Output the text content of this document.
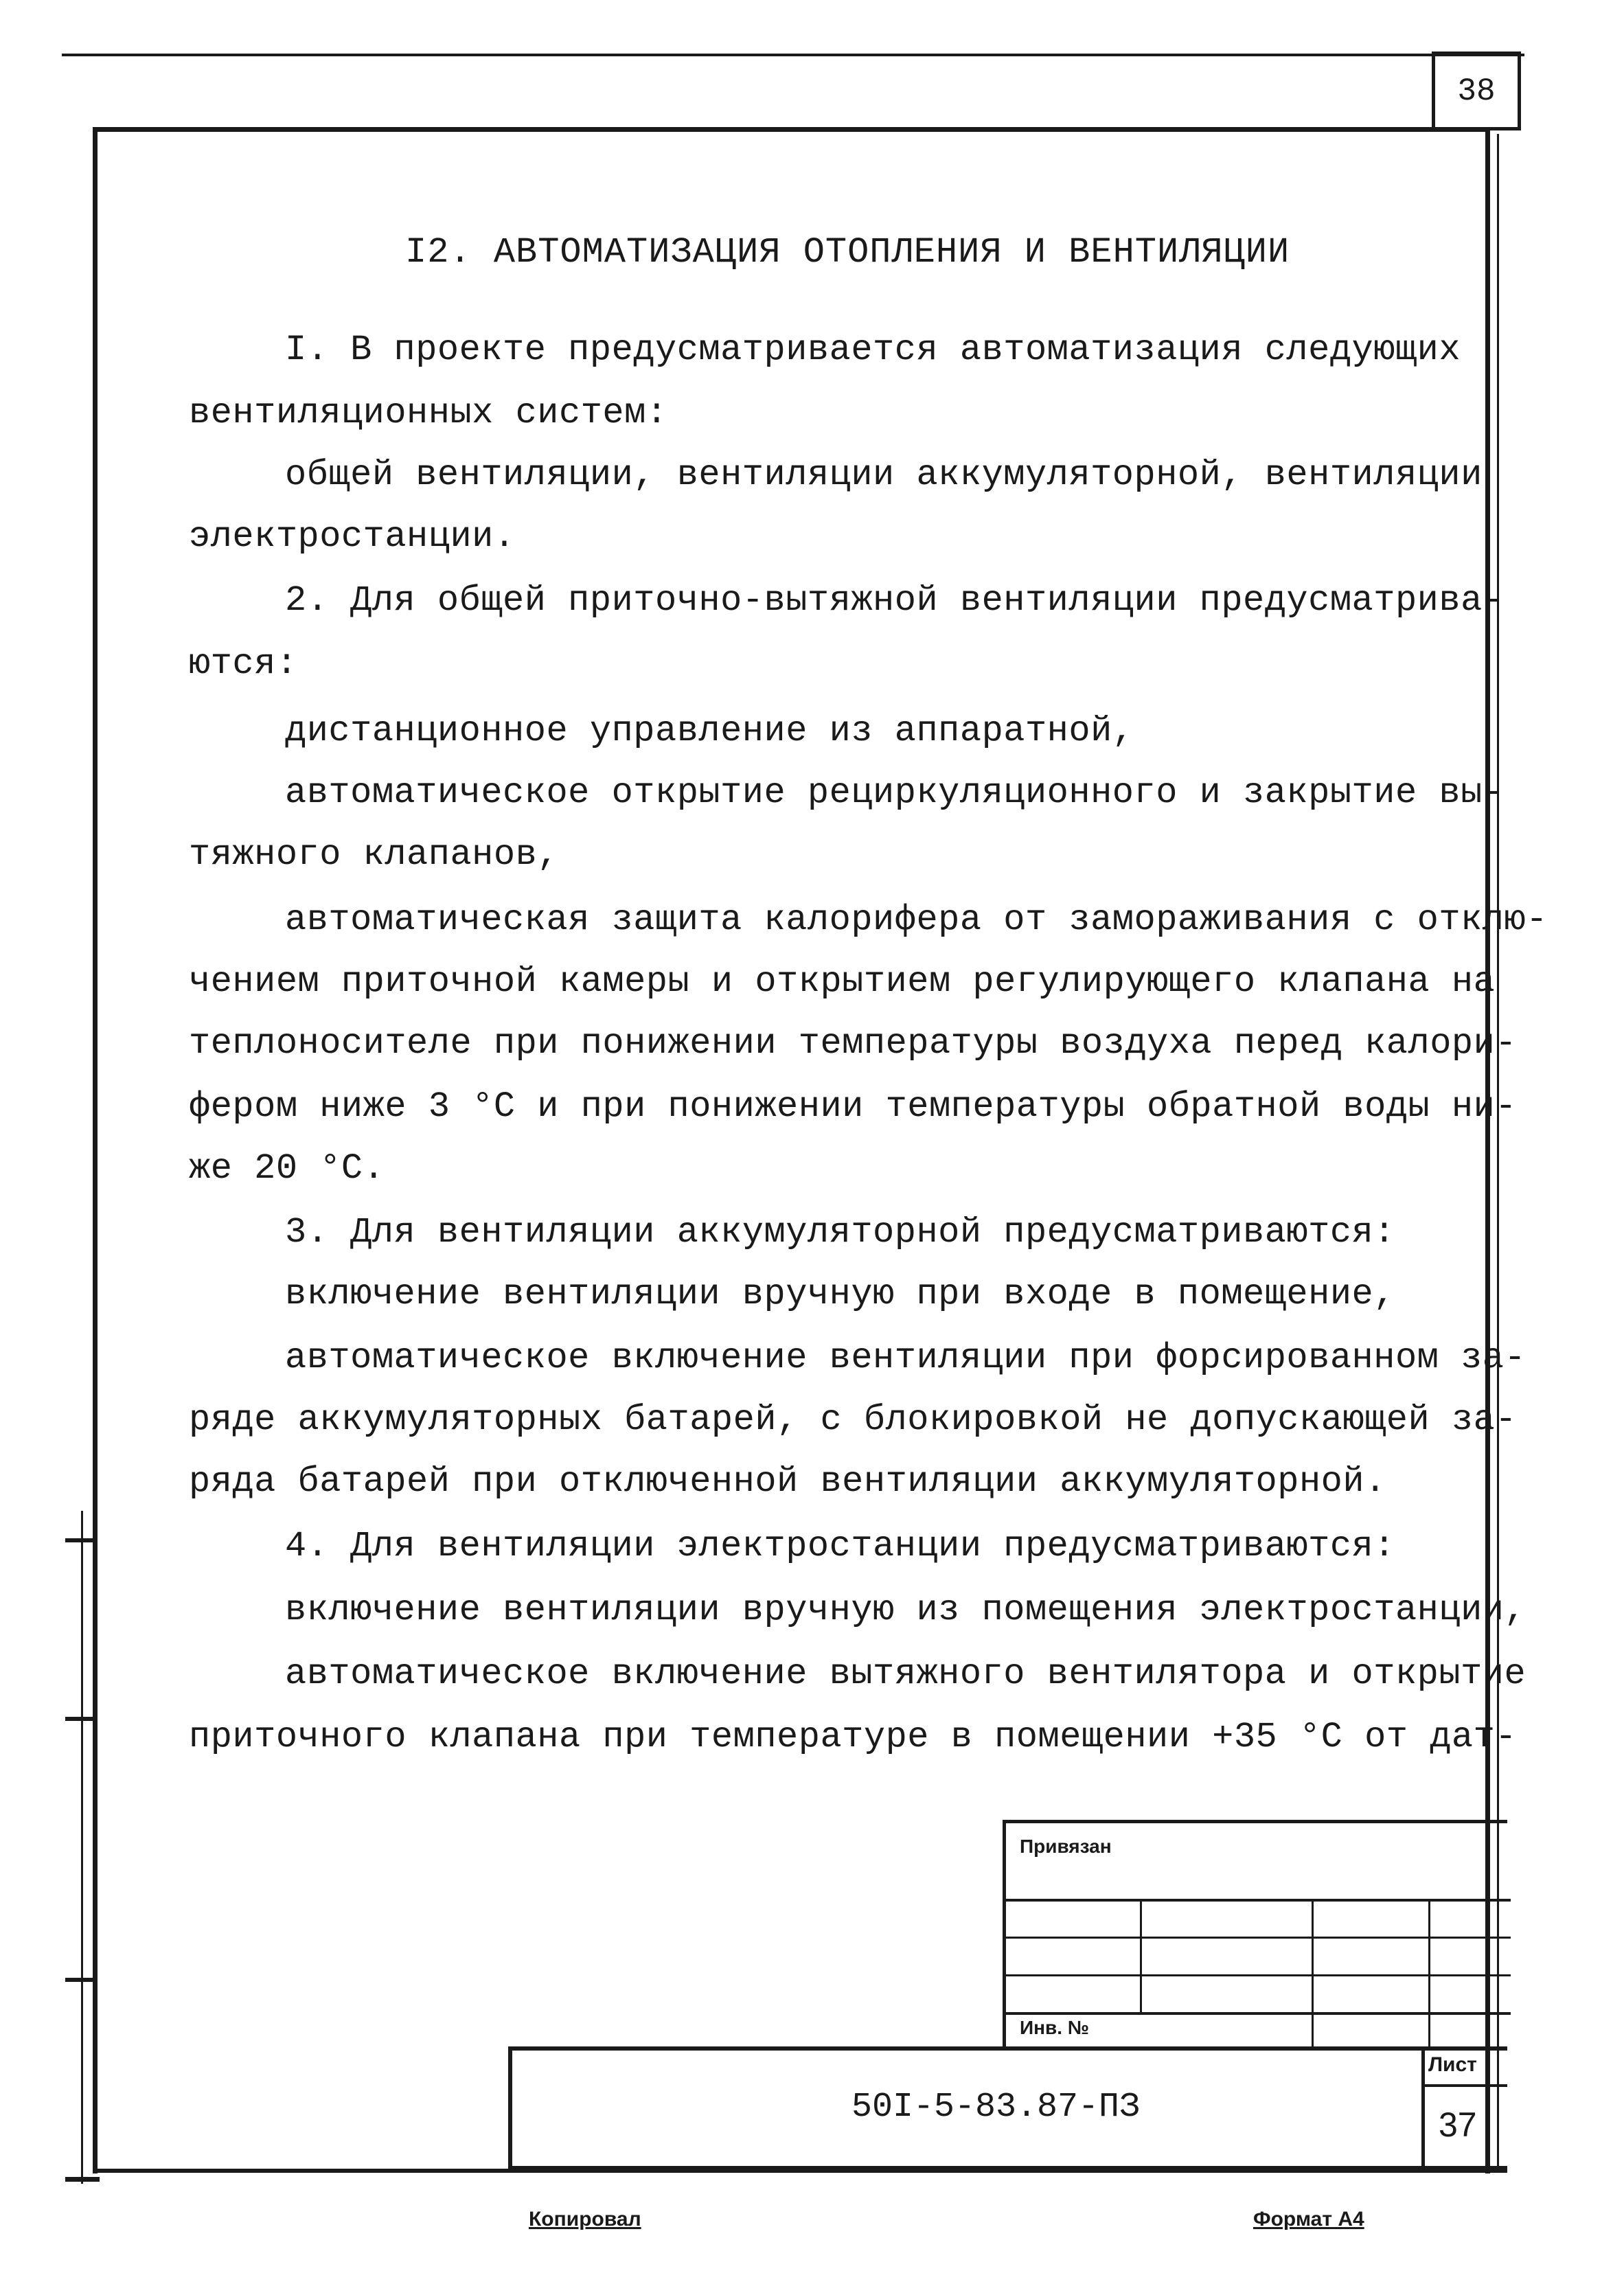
38
I2. АВТОМАТИЗАЦИЯ ОТОПЛЕНИЯ И ВЕНТИЛЯЦИИ
I. В проекте предусматривается автоматизация следующих
вентиляционных систем:
общей вентиляции, вентиляции аккумуляторной, вентиляции
электростанции.
2. Для общей приточно-вытяжной вентиляции предусматрива-
ются:
дистанционное управление из аппаратной,
автоматическое открытие рециркуляционного и закрытие вы-
тяжного клапанов,
автоматическая защита калорифера от замораживания с отклю-
чением приточной камеры и открытием регулирующего клапана на
теплоносителе при понижении температуры воздуха перед калори-
фером ниже 3 °С и при понижении температуры обратной воды ни-
же 20 °С.
3. Для вентиляции аккумуляторной предусматриваются:
включение вентиляции вручную при входе в помещение,
автоматическое включение вентиляции при форсированном за-
ряде аккумуляторных батарей, с блокировкой не допускающей за-
ряда батарей при отключенной вентиляции аккумуляторной.
4. Для вентиляции электростанции предусматриваются:
включение вентиляции вручную из помещения электростанции,
автоматическое включение вытяжного вентилятора и открытие
приточного клапана при температуре в помещении +35 °С от дат-
Привязан
Инв. №
50I-5-83.87-ПЗ
Лист
37
Копировал	Формат А4
